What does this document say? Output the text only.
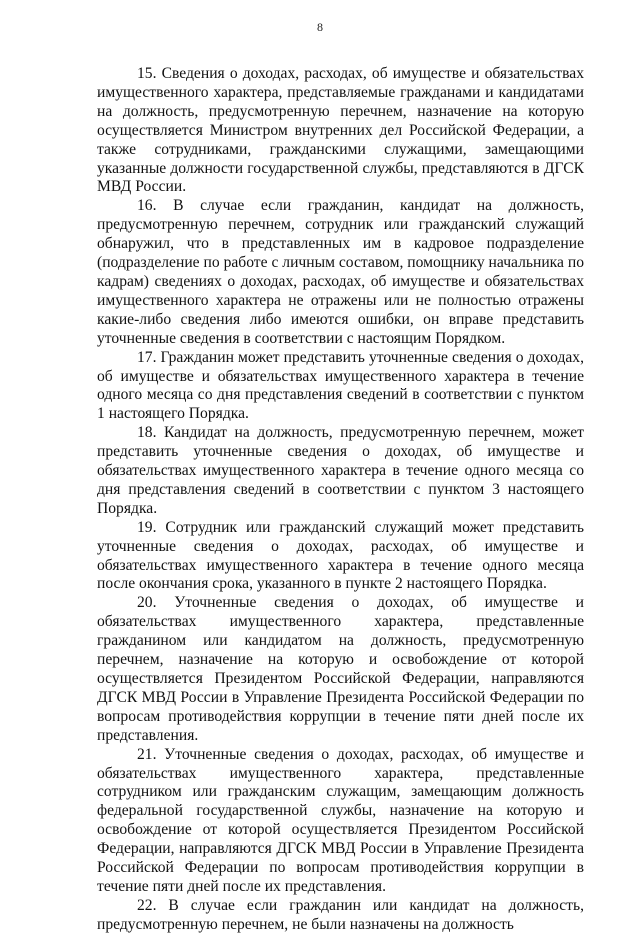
8

15. Сведения о доходах, расходах, об имуществе и обязательствах имущественного характера, представляемые гражданами и кандидатами на должность, предусмотренную перечнем, назначение на которую осуществляется Министром внутренних дел Российской Федерации, а также сотрудниками, гражданскими служащими, замещающими указанные должности государственной службы, представляются в ДГСК МВД России.

16. В случае если гражданин, кандидат на должность, предусмотренную перечнем, сотрудник или гражданский служащий обнаружил, что в представленных им в кадровое подразделение (подразделение по работе с личным составом, помощнику начальника по кадрам) сведениях о доходах, расходах, об имуществе и обязательствах имущественного характера не отражены или не полностью отражены какие-либо сведения либо имеются ошибки, он вправе представить уточненные сведения в соответствии с настоящим Порядком.

17. Гражданин может представить уточненные сведения о доходах, об имуществе и обязательствах имущественного характера в течение одного месяца со дня представления сведений в соответствии с пунктом 1 настоящего Порядка.

18. Кандидат на должность, предусмотренную перечнем, может представить уточненные сведения о доходах, об имуществе и обязательствах имущественного характера в течение одного месяца со дня представления сведений в соответствии с пунктом 3 настоящего Порядка.

19. Сотрудник или гражданский служащий может представить уточненные сведения о доходах, расходах, об имуществе и обязательствах имущественного характера в течение одного месяца после окончания срока, указанного в пункте 2 настоящего Порядка.

20. Уточненные сведения о доходах, об имуществе и обязательствах имущественного характера, представленные гражданином или кандидатом на должность, предусмотренную перечнем, назначение на которую и освобождение от которой осуществляется Президентом Российской Федерации, направляются ДГСК МВД России в Управление Президента Российской Федерации по вопросам противодействия коррупции в течение пяти дней после их представления.

21. Уточненные сведения о доходах, расходах, об имуществе и обязательствах имущественного характера, представленные сотрудником или гражданским служащим, замещающим должность федеральной государственной службы, назначение на которую и освобождение от которой осуществляется Президентом Российской Федерации, направляются ДГСК МВД России в Управление Президента Российской Федерации по вопросам противодействия коррупции в течение пяти дней после их представления.

22. В случае если гражданин или кандидат на должность, предусмотренную перечнем, не были назначены на должность
